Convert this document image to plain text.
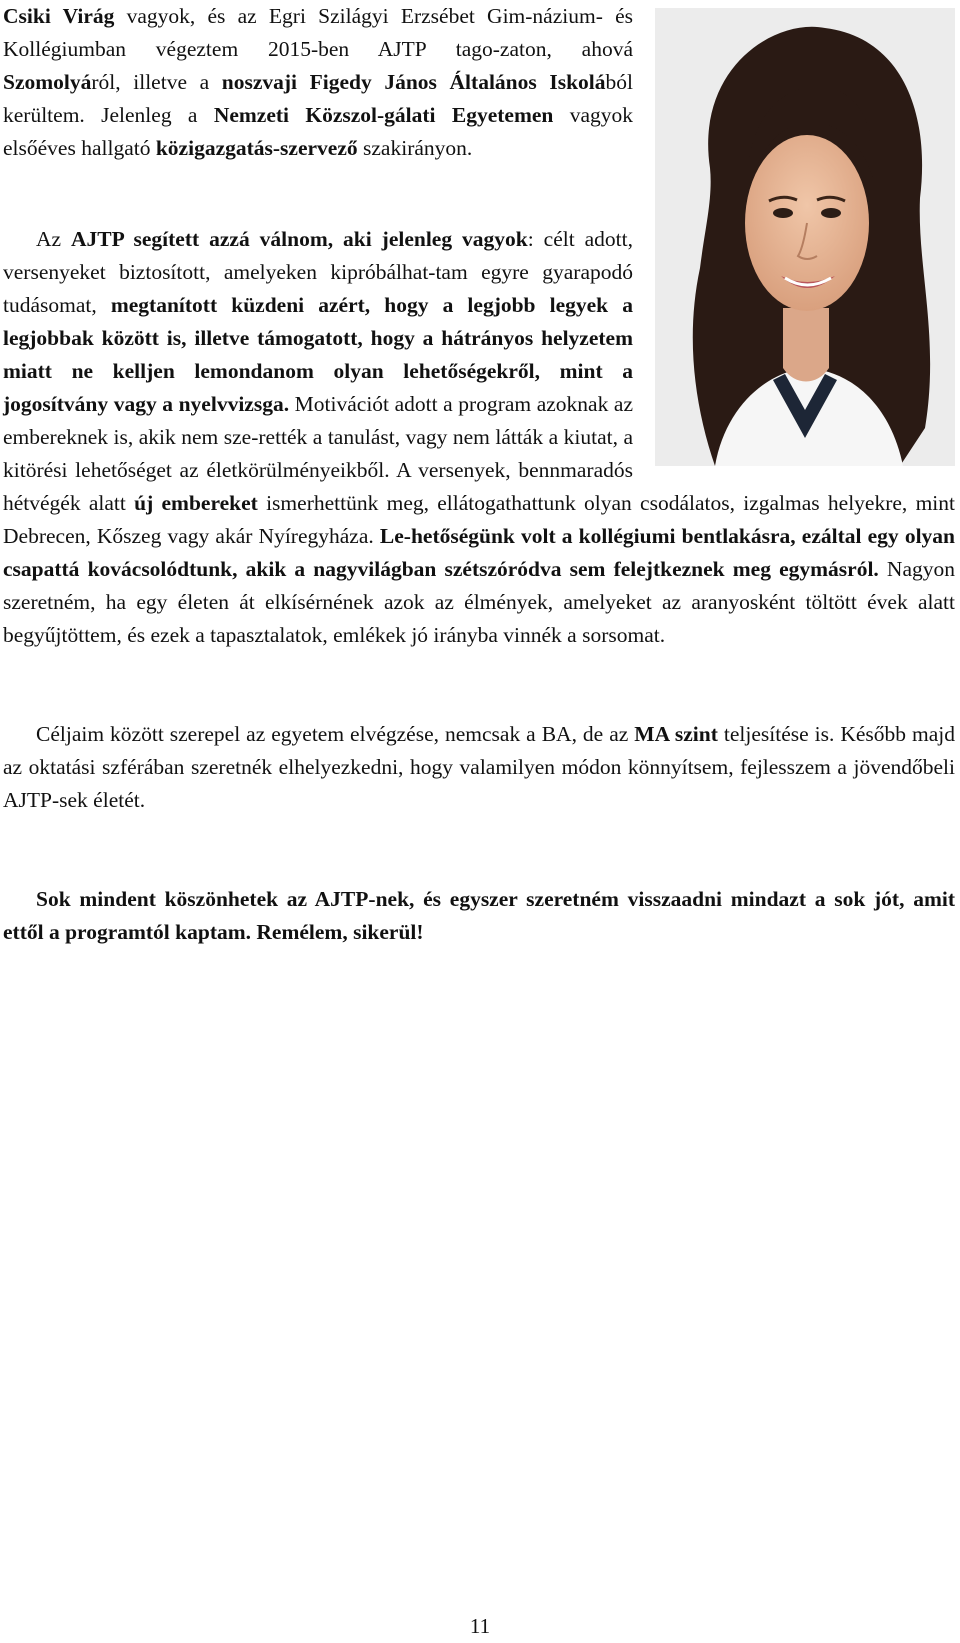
Csiki Virág vagyok, és az Egri Szilágyi Erzsébet Gim-názium- és Kollégiumban végeztem 2015-ben AJTP tago-zaton, ahová Szomolyáról, illetve a noszvaji Figedy János Általános Iskolából kerültem. Jelenleg a Nemzeti Közszol-gálati Egyetemen vagyok elsőéves hallgató közigazgatás-szervező szakirányon.

Az AJTP segített azzá válnom, aki jelenleg vagyok: célt adott, versenyeket biztosított, amelyeken kipróbálhat-tam egyre gyarapodó tudásomat, megtanított küzdeni azért, hogy a legjobb legyek a legjobbak között is, illetve támogatott, hogy a hátrányos helyzetem miatt ne kelljen lemondanom olyan lehetőségekről, mint a jogosítvány vagy a nyelvvizsga. Motivációt adott a program azoknak az embereknek is, akik nem sze-rették a tanulást, vagy nem látták a kiutat, a kitörési lehetőséget az életkörülményeikből. A versenyek, bennmaradós hétvégék alatt új embereket ismerhettünk meg, ellátogathattunk olyan csodálatos, izgalmas helyekre, mint Debrecen, Kőszeg vagy akár Nyíregyháza. Le-hetőségünk volt a kollégiumi bentlakásra, ezáltal egy olyan csapattá kovácsolódtunk, akik a nagyvilágban szétszóródva sem felejtkeznek meg egymásról. Nagyon szeretném, ha egy életen át elkísérnének azok az élmények, amelyeket az aranyosként töltött évek alatt begyűjtöttem, és ezek a tapasztalatok, emlékek jó irányba vinnék a sorsomat.

Céljaim között szerepel az egyetem elvégzése, nemcsak a BA, de az MA szint teljesítése is. Később majd az oktatási szférában szeretnék elhelyezkedni, hogy valamilyen módon könnyítsem, fejlesszem a jövendőbeli AJTP-sek életét.

Sok mindent köszönhetek az AJTP-nek, és egyszer szeretném visszaadni mindazt a sok jót, amit ettől a programtól kaptam. Remélem, sikerül!

11
